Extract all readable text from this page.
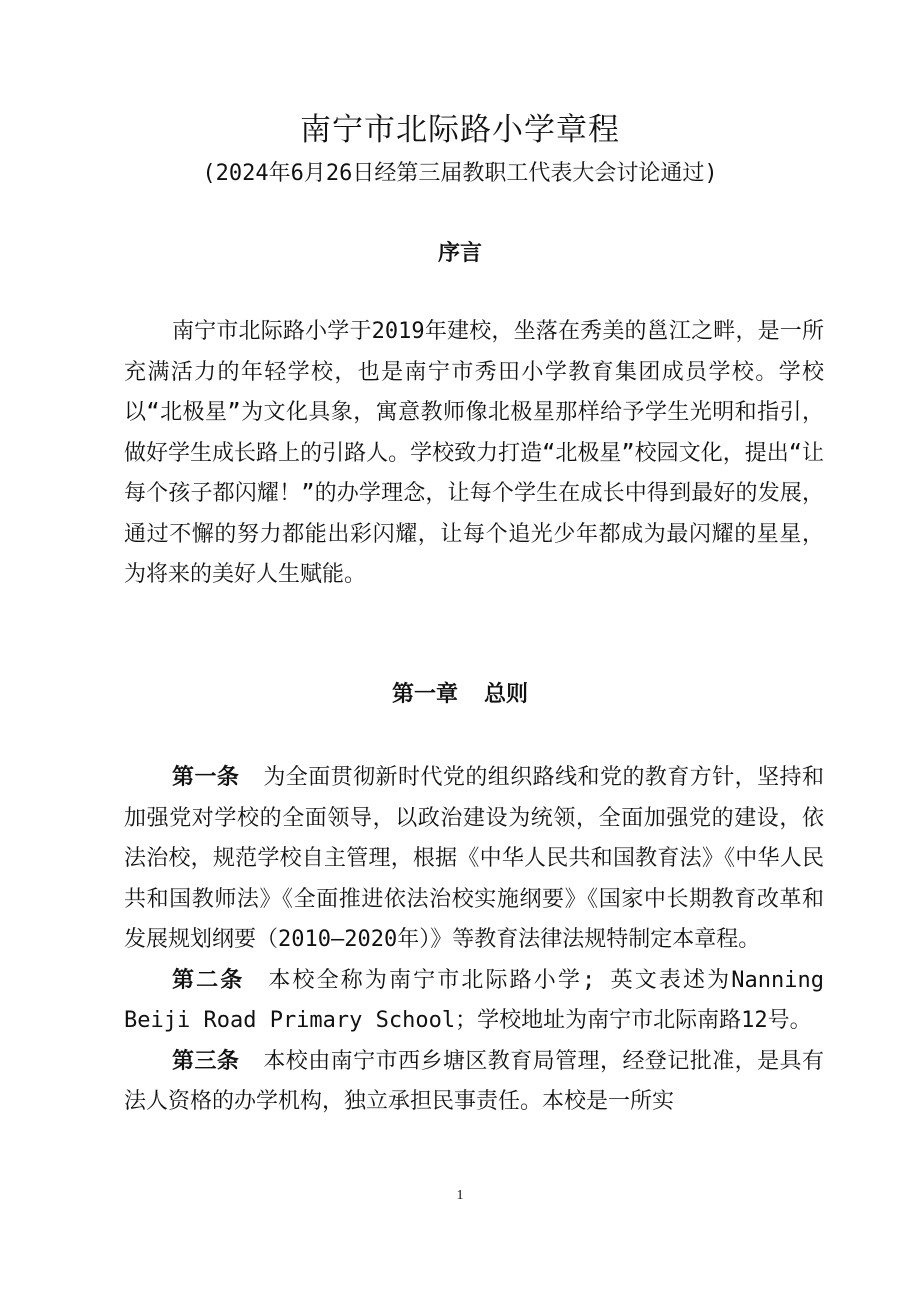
南宁市北际路小学章程

(2024年6月26日经第三届教职工代表大会讨论通过)

序言

南宁市北际路小学于2019年建校，坐落在秀美的邕江之畔，是一所充满活力的年轻学校，也是南宁市秀田小学教育集团成员学校。学校以“北极星”为文化具象，寓意教师像北极星那样给予学生光明和指引，做好学生成长路上的引路人。学校致力打造“北极星”校园文化，提出“让每个孩子都闪耀！”的办学理念，让每个学生在成长中得到最好的发展，通过不懈的努力都能出彩闪耀，让每个追光少年都成为最闪耀的星星，为将来的美好人生赋能。

第一章 总则

第一条 为全面贯彻新时代党的组织路线和党的教育方针，坚持和加强党对学校的全面领导，以政治建设为统领，全面加强党的建设，依法治校，规范学校自主管理，根据《中华人民共和国教育法》《中华人民共和国教师法》《全面推进依法治校实施纲要》《国家中长期教育改革和发展规划纲要（2010—2020年）》等教育法律法规特制定本章程。

第二条 本校全称为南宁市北际路小学; 英文表述为Nanning Beiji Road Primary School；学校地址为南宁市北际南路12号。

第三条 本校由南宁市西乡塘区教育局管理，经登记批准，是具有法人资格的办学机构，独立承担民事责任。本校是一所实

1
